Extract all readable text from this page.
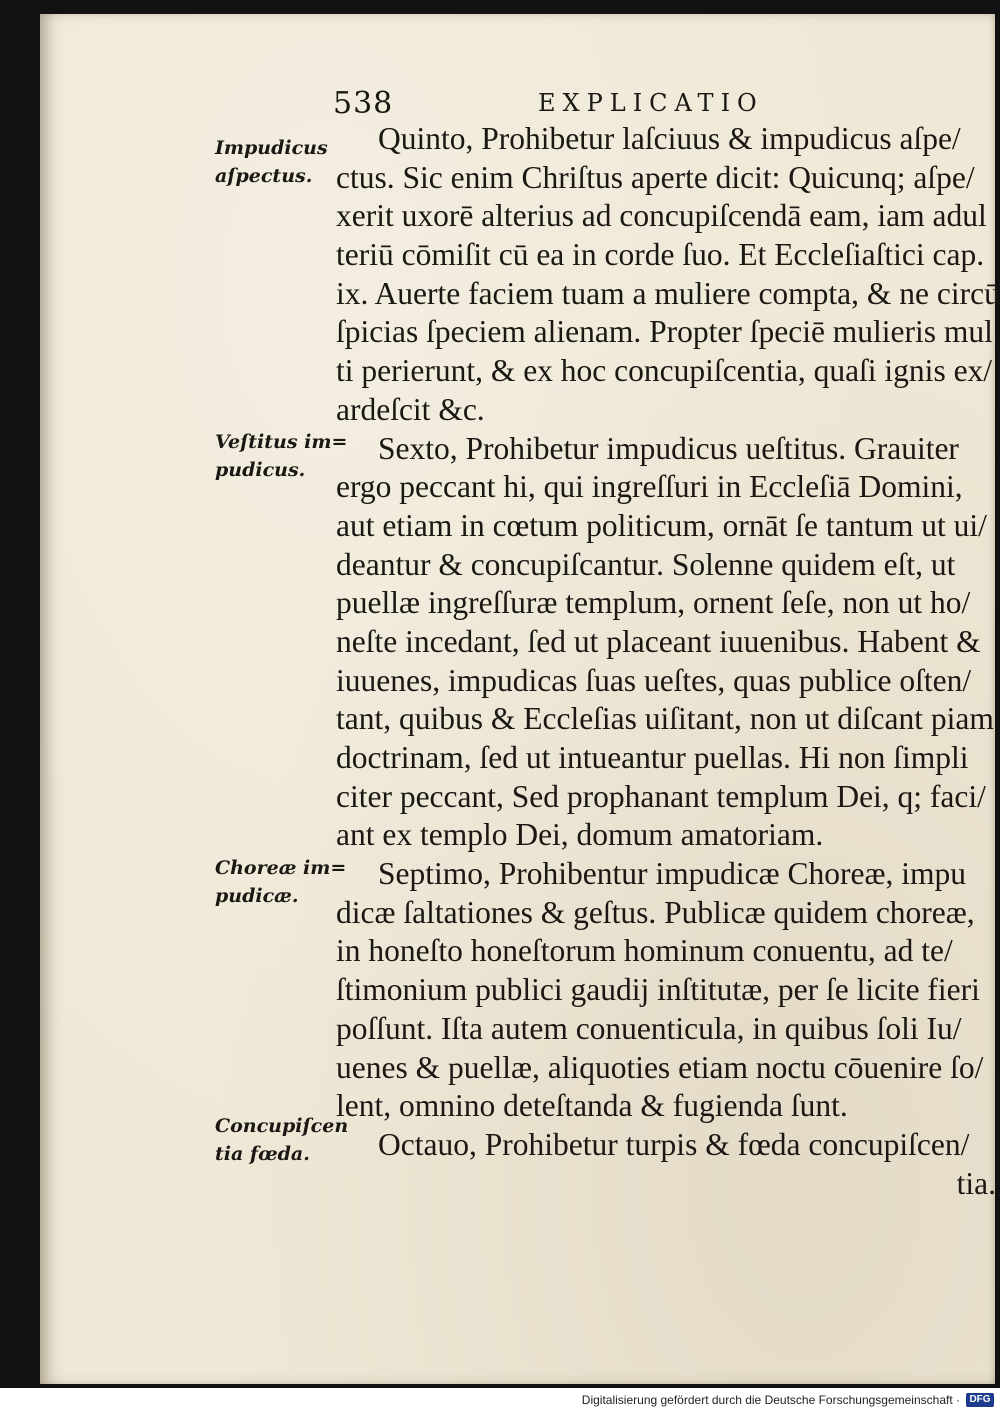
538	EXPLICATIO
Impudicus
aſpectus.
Veſtitus im=
pudicus.
Choreæ im=
pudicæ.
Concupiſcen
tia fœda.
Quinto, Prohibetur laſciuus & impudicus aſpe/
ctus. Sic enim Chriſtus aperte dicit: Quicunq; aſpe/
xerit uxorē alterius ad concupiſcendā eam, iam adul
teriū cōmiſit cū ea in corde ſuo. Et Eccleſiaſtici cap.
ix. Auerte faciem tuam a muliere compta, & ne circū
ſpicias ſpeciem alienam. Propter ſpeciē mulieris mul
ti perierunt, & ex hoc concupiſcentia, quaſi ignis ex/
ardeſcit &c.
Sexto, Prohibetur impudicus ueſtitus. Grauiter
ergo peccant hi, qui ingreſſuri in Eccleſiā Domini,
aut etiam in cœtum politicum, ornāt ſe tantum ut ui/
deantur & concupiſcantur. Solenne quidem eſt, ut
puellæ ingreſſuræ templum, ornent ſeſe, non ut ho/
neſte incedant, ſed ut placeant iuuenibus. Habent &
iuuenes, impudicas ſuas ueſtes, quas publice oſten/
tant, quibus & Eccleſias uiſitant, non ut diſcant piam
doctrinam, ſed ut intueantur puellas. Hi non ſimpli
citer peccant, Sed prophanant templum Dei, q; faci/
ant ex templo Dei, domum amatoriam.
Septimo, Prohibentur impudicæ Choreæ, impu
dicæ ſaltationes & geſtus. Publicæ quidem choreæ,
in honeſto honeſtorum hominum conuentu, ad te/
ſtimonium publici gaudij inſtitutæ, per ſe licite fieri
poſſunt. Iſta autem conuenticula, in quibus ſoli Iu/
uenes & puellæ, aliquoties etiam noctu cōuenire ſo/
lent, omnino deteſtanda & fugienda ſunt.
Octauo, Prohibetur turpis & fœda concupiſcen/
tia.
Digitalisierung gefördert durch die Deutsche Forschungsgemeinschaft · DFG
